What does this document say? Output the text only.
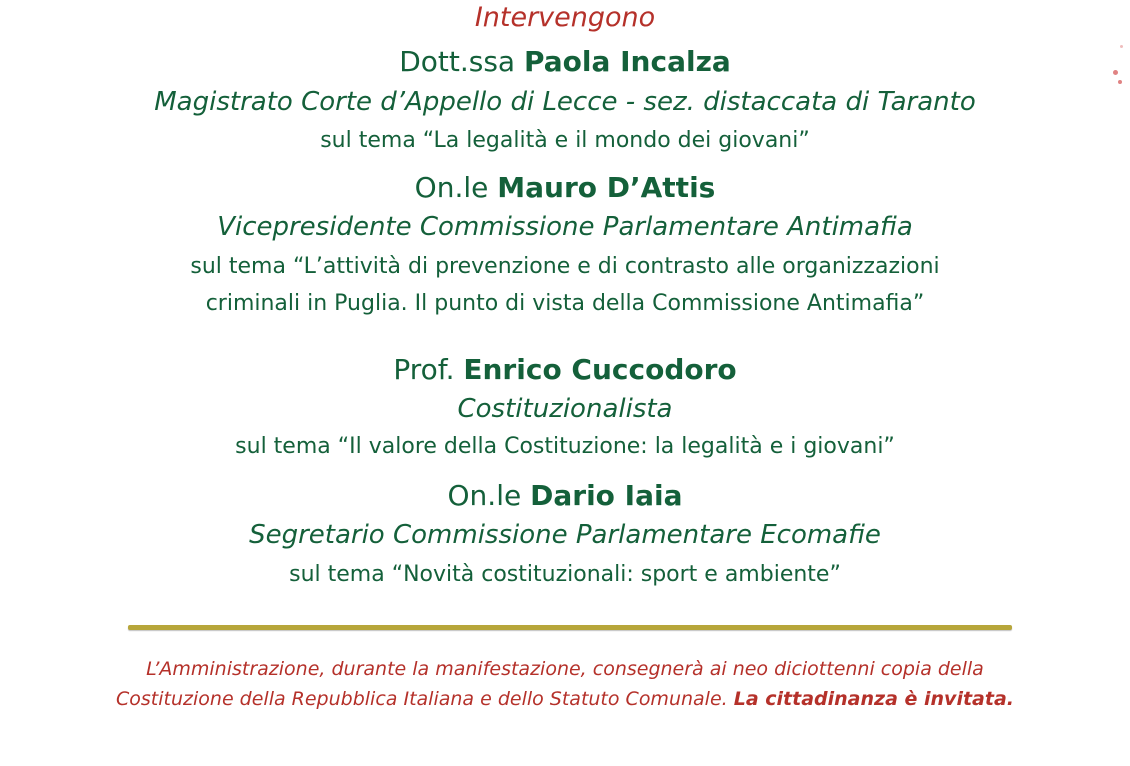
Intervengono
Dott.ssa Paola Incalza
Magistrato Corte d’Appello di Lecce - sez. distaccata di Taranto
sul tema “La legalità e il mondo dei giovani”
On.le Mauro D’Attis
Vicepresidente Commissione Parlamentare Antimafia
sul tema “L’attività di prevenzione e di contrasto alle organizzazioni
criminali in Puglia. Il punto di vista della Commissione Antimafia”
Prof. Enrico Cuccodoro
Costituzionalista
sul tema “Il valore della Costituzione: la legalità e i giovani”
On.le Dario Iaia
Segretario Commissione Parlamentare Ecomafie
sul tema “Novità costituzionali: sport e ambiente”
L’Amministrazione, durante la manifestazione, consegnerà ai neo diciottenni copia della
Costituzione della Repubblica Italiana e dello Statuto Comunale. La cittadinanza è invitata.
